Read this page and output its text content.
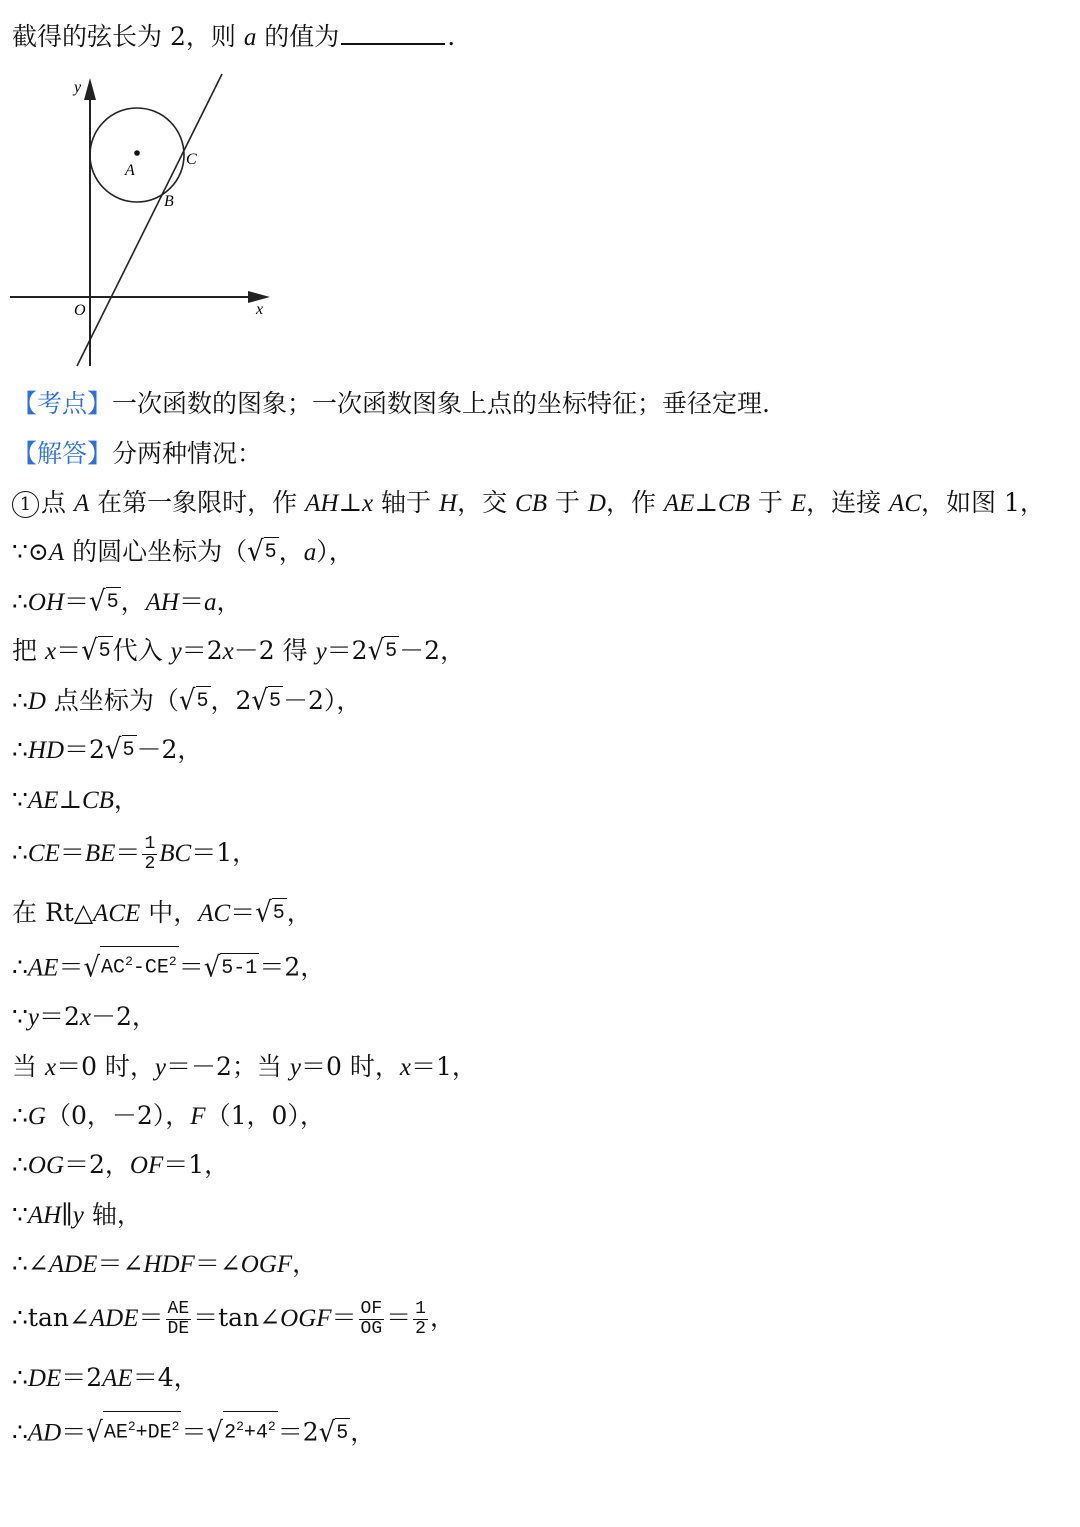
截得的弦长为 2，则 a 的值为	.
y
x
O
A
C
B
【考点】一次函数的图象；一次函数图象上点的坐标特征；垂径定理.
【解答】分两种情况：
1 点 A 在第一象限时，作 AH⊥x 轴于 H，交 CB 于 D，作 AE⊥CB 于 E，连接 AC，如图 1，
∵⊙A 的圆心坐标为（ √ 5 ，a），
∴OH＝ √ 5 ，AH＝a，
把 x＝ √ 5 代入 y＝2x－2 得 y＝2 √ 5 －2，
∴D 点坐标为（ √ 5 ，2 √ 5 －2），
∴HD＝2 √ 5 －2，
∵AE⊥CB，
∴CE＝BE＝ $\frac{1}{2} BC=1$，
在 Rt△ACE 中，AC＝ √ 5 ，
∴AE＝ √ $AC^2-CE^2$ ＝ √ 5-1 ＝2，
∵y＝2x－2，
当 x＝0 时，y＝－2；当 y＝0 时，x＝1，
∴G（0，－2），F（1，0），
∴OG＝2，OF＝1，
∵AH∥y 轴，
∴∠ADE＝∠HDF＝∠OGF，
∴tan∠ADE＝ $\frac{AE}{DE}$ ＝tan∠OGF＝ $\frac{OF}{OG} = \frac{1}{2}$ ，
∴DE＝2AE＝4，
∴AD＝ √ $AE^2+DE^2$ ＝ √ $2^2+4^2 =2$ √ 5 ，
